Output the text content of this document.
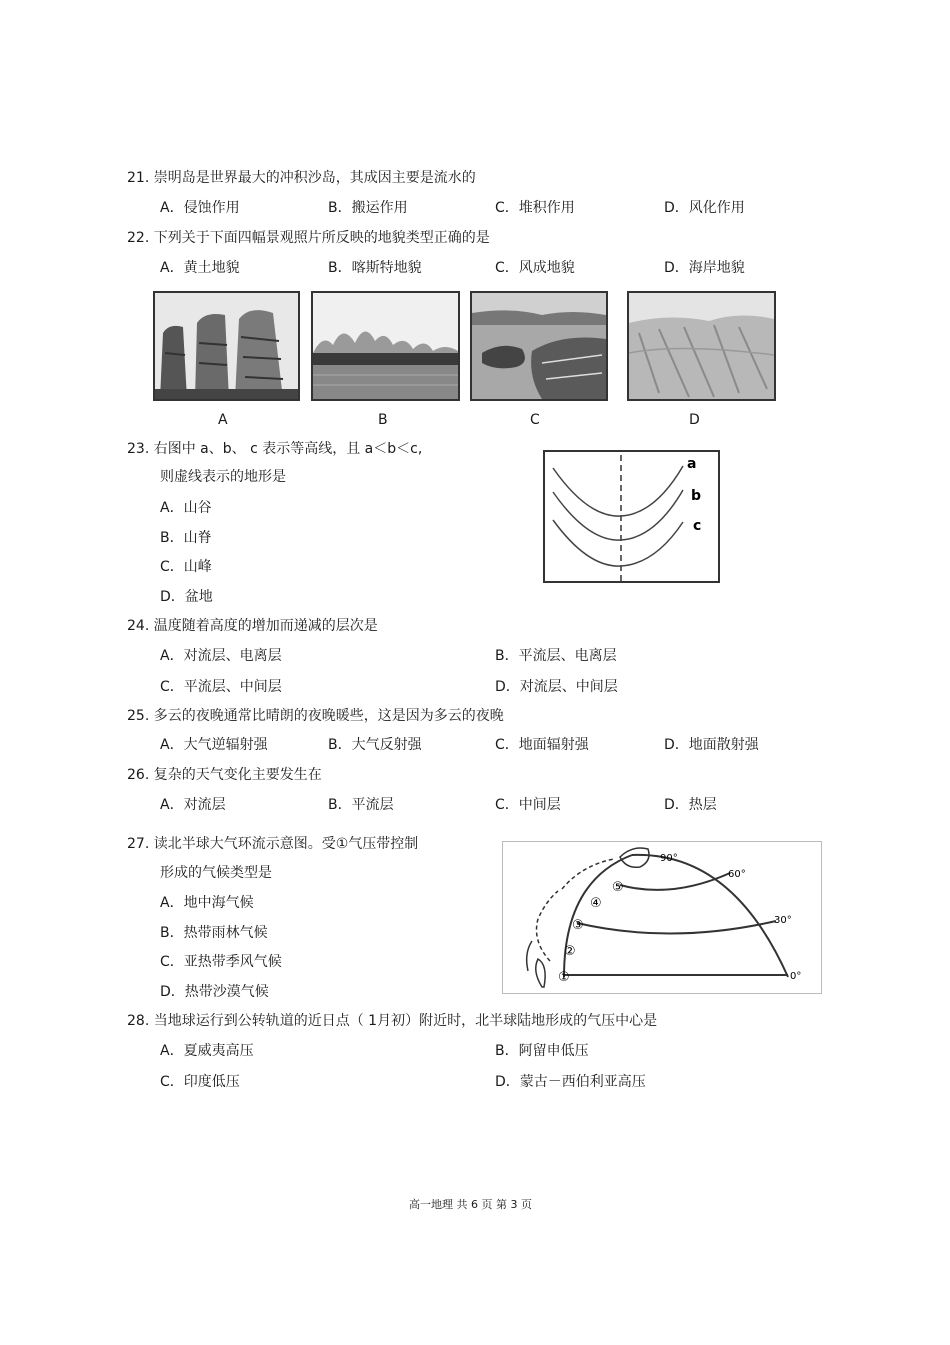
21. 崇明岛是世界最大的冲积沙岛，其成因主要是流水的
A．侵蚀作用	B．搬运作用	C．堆积作用	D．风化作用
22. 下列关于下面四幅景观照片所反映的地貌类型正确的是
A．黄土地貌	B．喀斯特地貌	C．风成地貌	D．海岸地貌
A	B	C	D
23. 右图中 a、b、 c 表示等高线，且 a＜b＜c,
则虚线表示的地形是
A．山谷
B．山脊
C．山峰
D．盆地
a
b
c
24. 温度随着高度的增加而递减的层次是
A．对流层、电离层	B．平流层、电离层
C．平流层、中间层	D．对流层、中间层
25. 多云的夜晚通常比晴朗的夜晚暖些，这是因为多云的夜晚
A．大气逆辐射强	B．大气反射强	C．地面辐射强	D．地面散射强
26. 复杂的天气变化主要发生在
A．对流层	B．平流层	C．中间层	D．热层
27. 读北半球大气环流示意图。受①气压带控制
形成的气候类型是
A．地中海气候
B．热带雨林气候
C．亚热带季风气候
D．热带沙漠气候
90°
60°
30°
0°
①
②
③
④
⑤
28. 当地球运行到公转轨道的近日点（ 1月初）附近时，北半球陆地形成的气压中心是
A．夏威夷高压	B．阿留申低压
C．印度低压	D．蒙古－西伯利亚高压
高一地理 共 6 页 第 3 页
